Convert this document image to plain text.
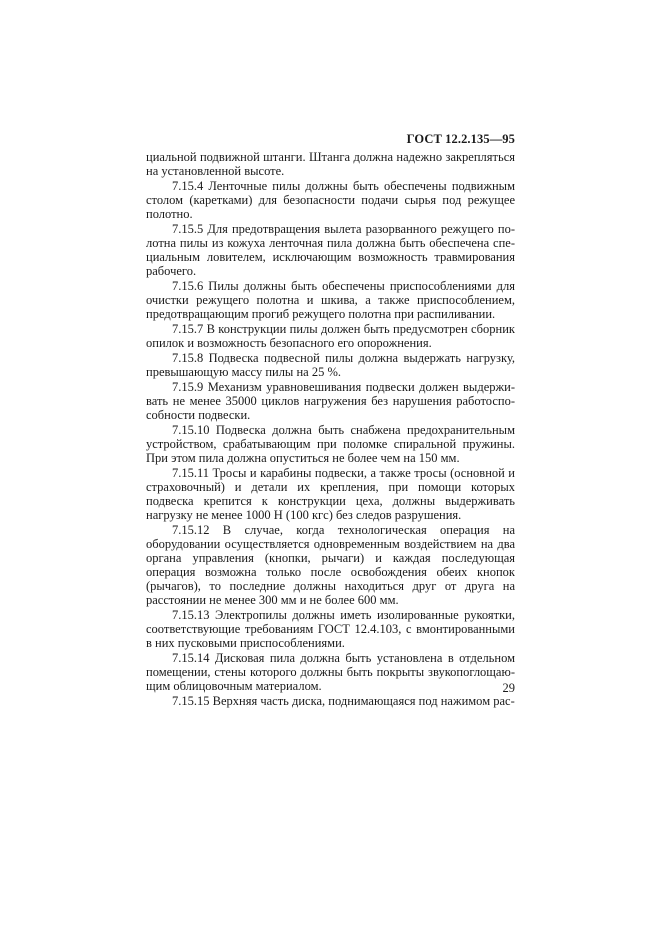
ГОСТ 12.2.135—95

циальной подвижной штанги. Штанга должна надежно закрепляться на установленной высоте.

7.15.4 Ленточные пилы должны быть обеспечены подвижным столом (каретками) для безопасности подачи сырья под режущее полотно.

7.15.5 Для предотвращения вылета разорванного режущего полотна пилы из кожуха ленточная пила должна быть обеспечена специальным ловителем, исключающим возможность травмирования рабочего.

7.15.6 Пилы должны быть обеспечены приспособлениями для очистки режущего полотна и шкива, а также приспособлением, предотвращающим прогиб режущего полотна при распиливании.

7.15.7 В конструкции пилы должен быть предусмотрен сборник опилок и возможность безопасного его опорожнения.

7.15.8 Подвеска подвесной пилы должна выдержать нагрузку, превышающую массу пилы на 25 %.

7.15.9 Механизм уравновешивания подвески должен выдерживать не менее 35000 циклов нагружения без нарушения работоспособности подвески.

7.15.10 Подвеска должна быть снабжена предохранительным устройством, срабатывающим при поломке спиральной пружины. При этом пила должна опуститься не более чем на 150 мм.

7.15.11 Тросы и карабины подвески, а также тросы (основной и страховочный) и детали их крепления, при помощи которых подвеска крепится к конструкции цеха, должны выдерживать нагрузку не менее 1000 Н (100 кгс) без следов разрушения.

7.15.12 В случае, когда технологическая операция на оборудовании осуществляется одновременным воздействием на два органа управления (кнопки, рычаги) и каждая последующая операция возможна только после освобождения обеих кнопок (рычагов), то последние должны находиться друг от друга на расстоянии не менее 300 мм и не более 600 мм.

7.15.13 Электропилы должны иметь изолированные рукоятки, соответствующие требованиям ГОСТ 12.4.103, с вмонтированными в них пусковыми приспособлениями.

7.15.14 Дисковая пила должна быть установлена в отдельном помещении, стены которого должны быть покрыты звукопоглощающим облицовочным материалом.

7.15.15 Верхняя часть диска, поднимающаяся под нажимом рас-

29
